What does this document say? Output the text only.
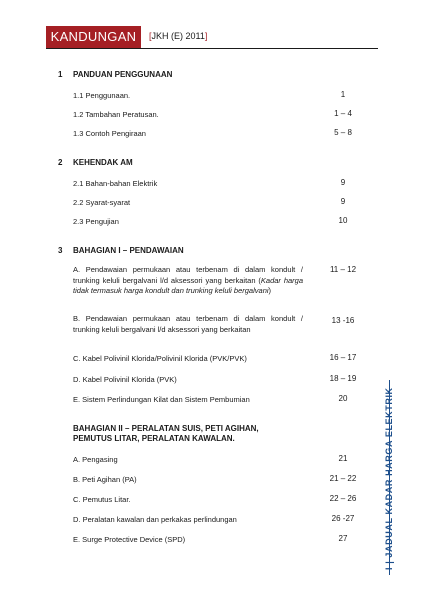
KANDUNGAN	[JKH (E) 2011]
1 PANDUAN PENGGUNAAN
1.1 Penggunaan.	1
1.2 Tambahan Peratusan.	1 – 4
1.3 Contoh Pengiraan	5 – 8
2 KEHENDAK AM
2.1 Bahan-bahan Elektrik	9
2.2 Syarat-syarat	9
2.3 Pengujian	10
3 BAHAGIAN I – PENDAWAIAN
A. Pendawaian permukaan atau terbenam di dalam kondult / trunking keluli bergalvani l/d aksessori yang berkaitan (Kadar harga tidak termasuk harga kondult dan trunking keluli bergalvani)
11 – 12
B. Pendawaian permukaan atau terbenam di dalam kondult / trunking keluli bergalvani l/d aksessori yang berkaitan
13 -16
C. Kabel Polivinil Klorida/Polivinil Klorida (PVK/PVK)	16 – 17
D. Kabel Polivinil Klorida (PVK)	18 – 19
E. Sistem Perlindungan Kilat dan Sistem Pembumian	20
BAHAGIAN II – PERALATAN SUIS, PETI AGIHAN,
PEMUTUS LITAR, PERALATAN KAWALAN.
A. Pengasing	21
B. Peti Agihan (PA)	21 – 22
C. Pemutus Litar.	22 – 26
D. Peralatan kawalan dan perkakas perlindungan	26 -27
E. Surge Protective Device (SPD)	27
I | JADUAL KADAR HARGA ELEKTRIK
